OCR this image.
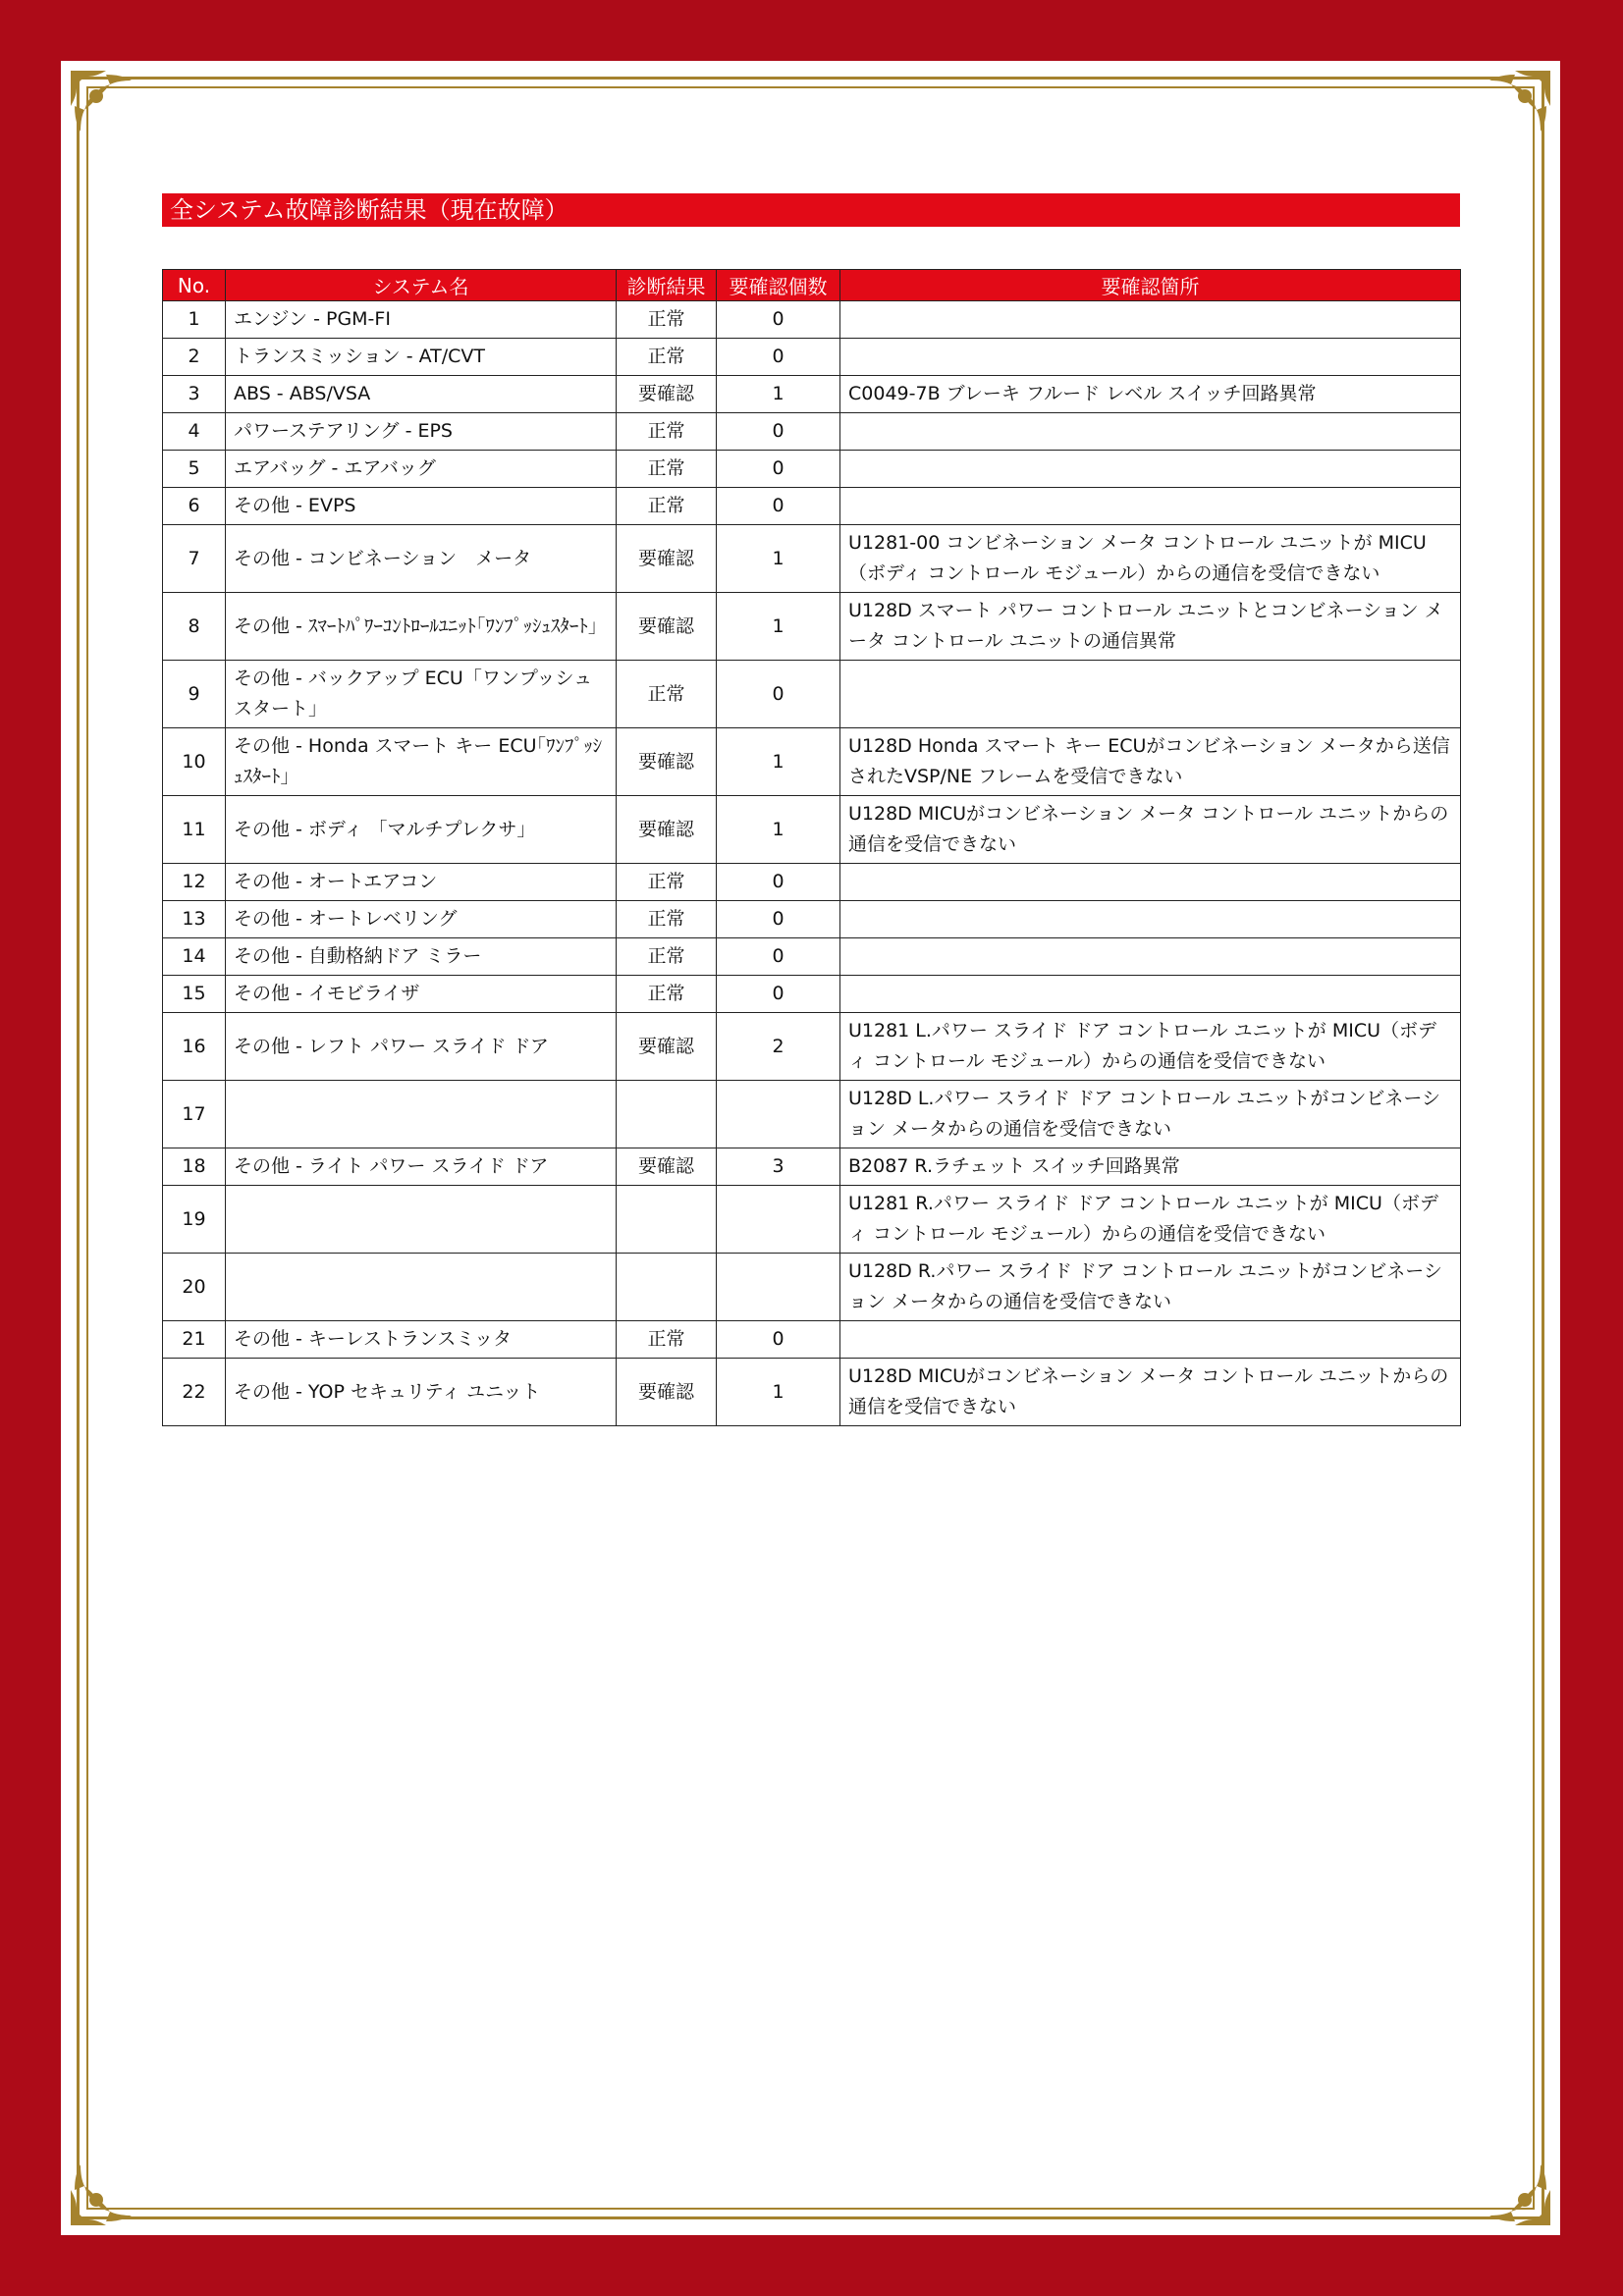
全システム故障診断結果（現在故障）
No.	システム名	診断結果	要確認個数	要確認箇所
1	エンジン - PGM-FI	正常	0	
2	トランスミッション - AT/CVT	正常	0	
3	ABS - ABS/VSA	要確認	1	C0049-7B ブレーキ フルード レベル スイッチ回路異常
4	パワーステアリング - EPS	正常	0	
5	エアバッグ - エアバッグ	正常	0	
6	その他 - EVPS	正常	0	
7	その他 - コンビネーション　メータ	要確認	1	U1281-00 コンビネーション メータ コントロール ユニットが MICU（ボディ コントロール モジュール）からの通信を受信できない
8	その他 - ｽﾏｰﾄﾊﾟﾜｰｺﾝﾄﾛｰﾙﾕﾆｯﾄ｢ﾜﾝﾌﾟｯｼｭｽﾀｰﾄ｣	要確認	1	U128D スマート パワー コントロール ユニットとコンビネーション メータ コントロール ユニットの通信異常
9	その他 - バックアップ ECU「ワンプッシュスタート」	正常	0	
10	その他 - Honda スマート キー ECU｢ﾜﾝﾌﾟｯｼｭｽﾀｰﾄ｣	要確認	1	U128D Honda スマート キー ECUがコンビネーション メータから送信されたVSP/NE フレームを受信できない
11	その他 - ボディ 「マルチプレクサ」	要確認	1	U128D MICUがコンビネーション メータ コントロール ユニットからの通信を受信できない
12	その他 - オートエアコン	正常	0	
13	その他 - オートレベリング	正常	0	
14	その他 - 自動格納ドア ミラー	正常	0	
15	その他 - イモビライザ	正常	0	
16	その他 - レフト パワー スライド ドア	要確認	2	U1281 L.パワー スライド ドア コントロール ユニットが MICU（ボディ コントロール モジュール）からの通信を受信できない
17				U128D L.パワー スライド ドア コントロール ユニットがコンビネーション メータからの通信を受信できない
18	その他 - ライト パワー スライド ドア	要確認	3	B2087 R.ラチェット スイッチ回路異常
19				U1281 R.パワー スライド ドア コントロール ユニットが MICU（ボディ コントロール モジュール）からの通信を受信できない
20				U128D R.パワー スライド ドア コントロール ユニットがコンビネーション メータからの通信を受信できない
21	その他 - キーレストランスミッタ	正常	0	
22	その他 - YOP セキュリティ ユニット	要確認	1	U128D MICUがコンビネーション メータ コントロール ユニットからの通信を受信できない
